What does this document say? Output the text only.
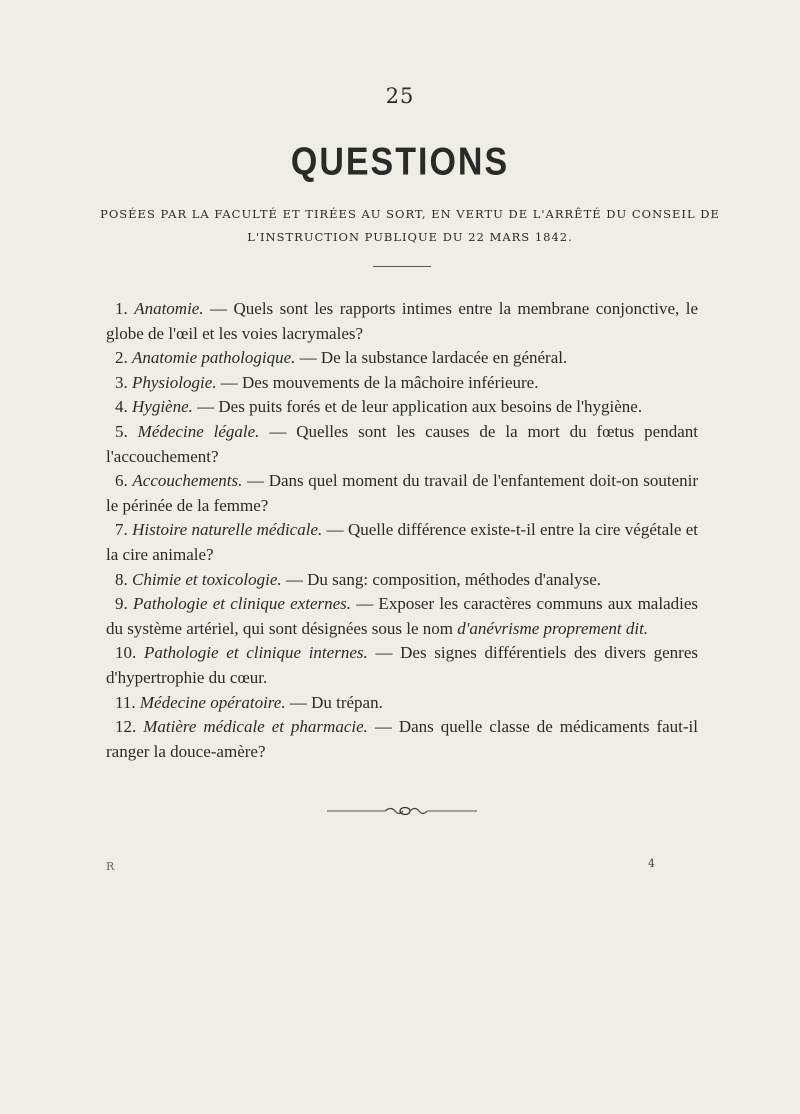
25
QUESTIONS
POSÉES PAR LA FACULTÉ ET TIRÉES AU SORT, EN VERTU DE L'ARRÊTÉ DU CONSEIL DE
L'INSTRUCTION PUBLIQUE DU 22 MARS 1842.

1. Anatomie. — Quels sont les rapports intimes entre la membrane conjonctive, le globe de l'œil et les voies lacrymales?

2. Anatomie pathologique. — De la substance lardacée en général.

3. Physiologie. — Des mouvements de la mâchoire inférieure.

4. Hygiène. — Des puits forés et de leur application aux besoins de l'hygiène.

5. Médecine légale. — Quelles sont les causes de la mort du fœtus pendant l'accouchement?

6. Accouchements. — Dans quel moment du travail de l'enfantement doit-on soutenir le périnée de la femme?

7. Histoire naturelle médicale. — Quelle différence existe-t-il entre la cire végétale et la cire animale?

8. Chimie et toxicologie. — Du sang: composition, méthodes d'analyse.

9. Pathologie et clinique externes. — Exposer les caractères communs aux maladies du système artériel, qui sont désignées sous le nom d'anévrisme proprement dit.

10. Pathologie et clinique internes. — Des signes différentiels des divers genres d'hypertrophie du cœur.

11. Médecine opératoire. — Du trépan.

12. Matière médicale et pharmacie. — Dans quelle classe de médicaments faut-il ranger la douce-amère?

R	4
